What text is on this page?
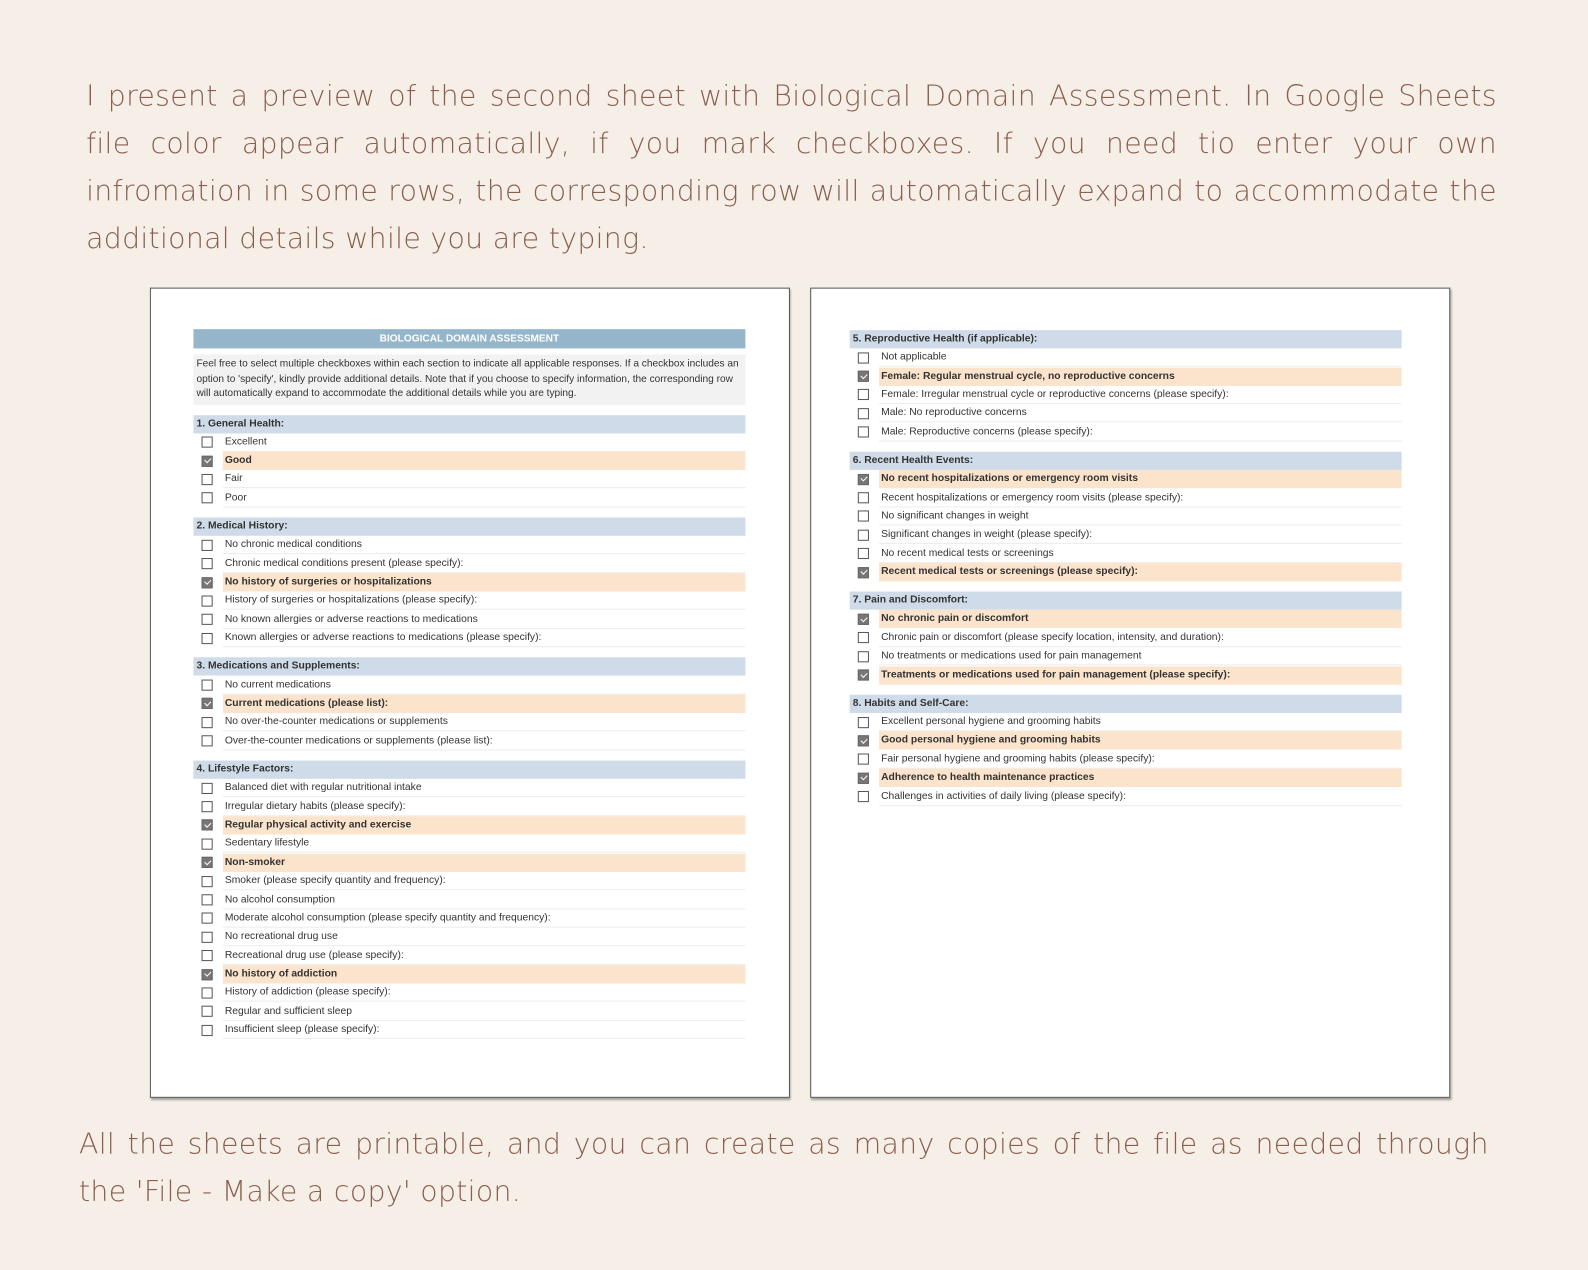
I present a preview of the second sheet with Biological Domain Assessment. In Google Sheets file color appear automatically, if you mark checkboxes. If you need tio enter your own infromation in some rows, the corresponding row will automatically expand to accommodate the additional details while you are typing.
BIOLOGICAL DOMAIN ASSESSMENT
Feel free to select multiple checkboxes within each section to indicate all applicable responses. If a checkbox includes an option to 'specify', kindly provide additional details. Note that if you choose to specify information, the corresponding row will automatically expand to accommodate the additional details while you are typing.
1. General Health:
Excellent
Good
Fair
Poor
2. Medical History:
No chronic medical conditions
Chronic medical conditions present (please specify):
No history of surgeries or hospitalizations
History of surgeries or hospitalizations (please specify):
No known allergies or adverse reactions to medications
Known allergies or adverse reactions to medications (please specify):
3. Medications and Supplements:
No current medications
Current medications (please list):
No over-the-counter medications or supplements
Over-the-counter medications or supplements (please list):
4. Lifestyle Factors:
Balanced diet with regular nutritional intake
Irregular dietary habits (please specify):
Regular physical activity and exercise
Sedentary lifestyle
Non-smoker
Smoker (please specify quantity and frequency):
No alcohol consumption
Moderate alcohol consumption (please specify quantity and frequency):
No recreational drug use
Recreational drug use (please specify):
No history of addiction
History of addiction (please specify):
Regular and sufficient sleep
Insufficient sleep (please specify):
5. Reproductive Health (if applicable):
Not applicable
Female: Regular menstrual cycle, no reproductive concerns
Female: Irregular menstrual cycle or reproductive concerns (please specify):
Male: No reproductive concerns
Male: Reproductive concerns (please specify):
6. Recent Health Events:
No recent hospitalizations or emergency room visits
Recent hospitalizations or emergency room visits (please specify):
No significant changes in weight
Significant changes in weight (please specify):
No recent medical tests or screenings
Recent medical tests or screenings (please specify):
7. Pain and Discomfort:
No chronic pain or discomfort
Chronic pain or discomfort (please specify location, intensity, and duration):
No treatments or medications used for pain management
Treatments or medications used for pain management (please specify):
8. Habits and Self-Care:
Excellent personal hygiene and grooming habits
Good personal hygiene and grooming habits
Fair personal hygiene and grooming habits (please specify):
Adherence to health maintenance practices
Challenges in activities of daily living (please specify):
All the sheets are printable, and you can create as many copies of the file as needed through the 'File - Make a copy' option.
